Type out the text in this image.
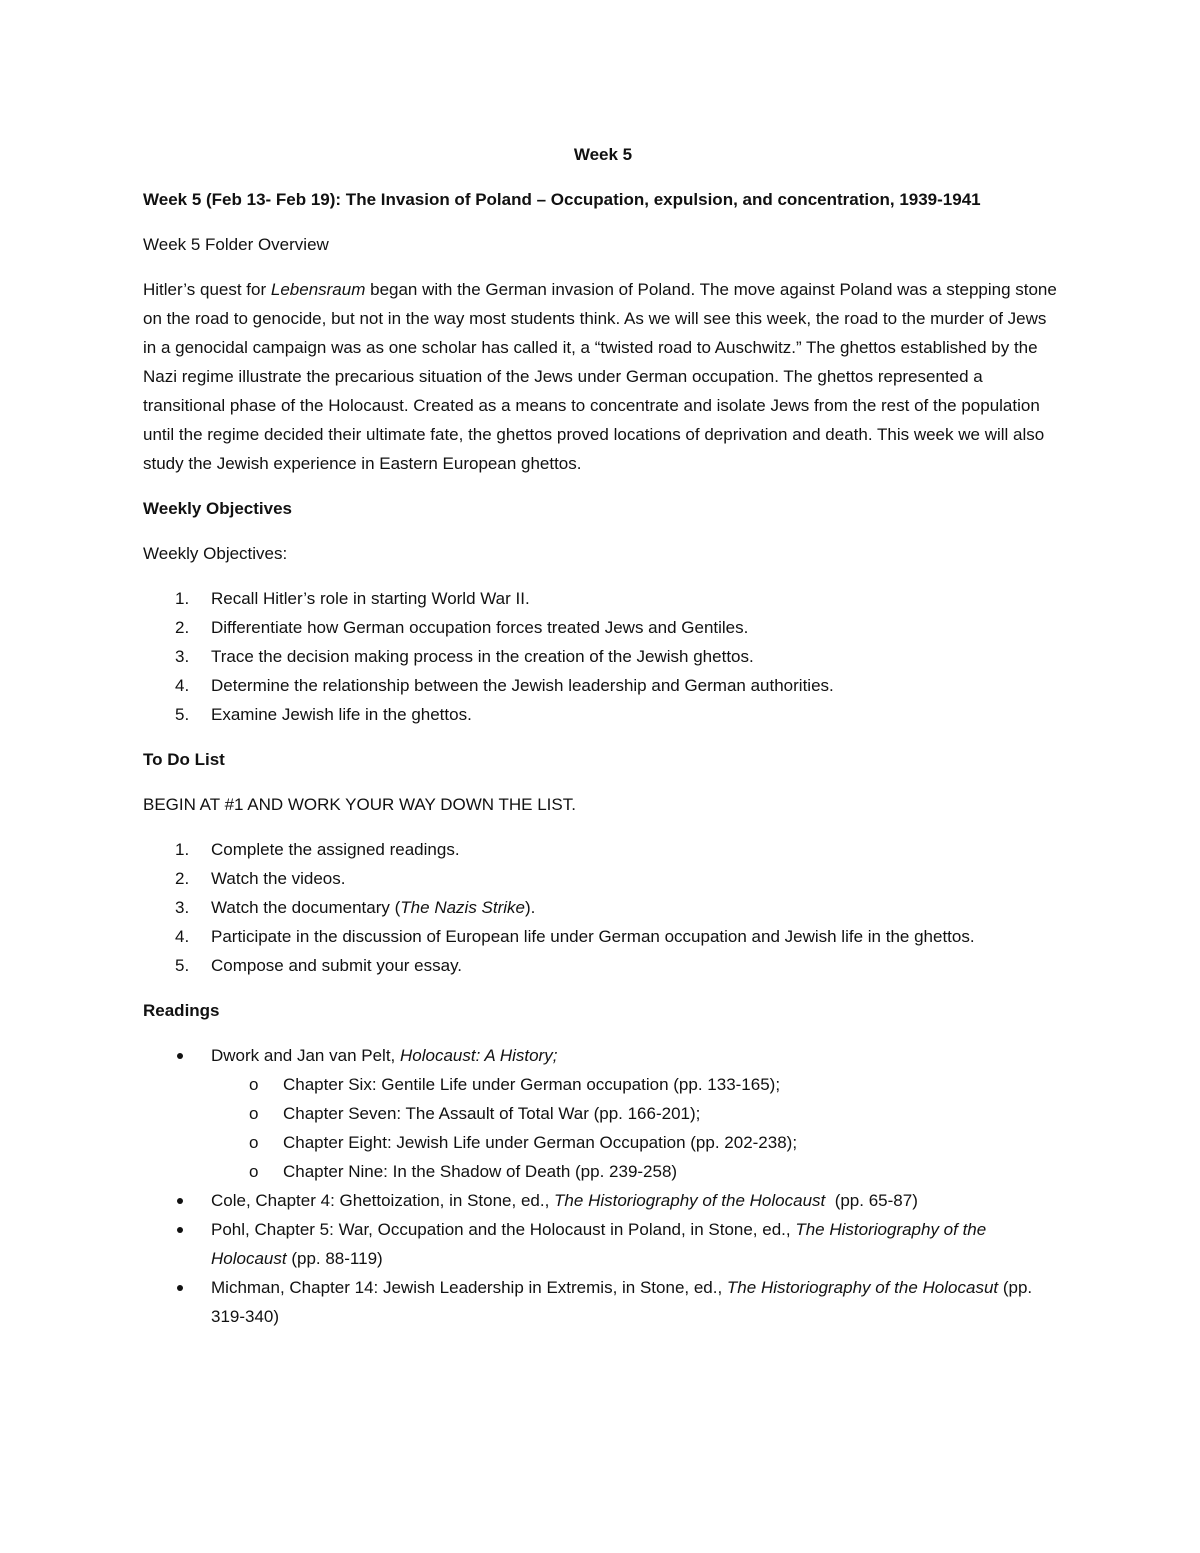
Week 5
Week 5 (Feb 13- Feb 19): The Invasion of Poland – Occupation, expulsion, and concentration, 1939-1941

Week 5 Folder Overview

Hitler’s quest for Lebensraum began with the German invasion of Poland. The move against Poland was a stepping stone on the road to genocide, but not in the way most students think. As we will see this week, the road to the murder of Jews in a genocidal campaign was as one scholar has called it, a “twisted road to Auschwitz.” The ghettos established by the Nazi regime illustrate the precarious situation of the Jews under German occupation. The ghettos represented a transitional phase of the Holocaust. Created as a means to concentrate and isolate Jews from the rest of the population until the regime decided their ultimate fate, the ghettos proved locations of deprivation and death. This week we will also study the Jewish experience in Eastern European ghettos.

Weekly Objectives

Weekly Objectives:

1. Recall Hitler’s role in starting World War II.
2. Differentiate how German occupation forces treated Jews and Gentiles.
3. Trace the decision making process in the creation of the Jewish ghettos.
4. Determine the relationship between the Jewish leadership and German authorities.
5. Examine Jewish life in the ghettos.
To Do List

BEGIN AT #1 AND WORK YOUR WAY DOWN THE LIST.

1. Complete the assigned readings.
2. Watch the videos.
3. Watch the documentary (The Nazis Strike).
4. Participate in the discussion of European life under German occupation and Jewish life in the ghettos.
5. Compose and submit your essay.
Readings
Dwork and Jan van Pelt, Holocaust: A History;
o Chapter Six: Gentile Life under German occupation (pp. 133-165);
o Chapter Seven: The Assault of Total War (pp. 166-201);
o Chapter Eight: Jewish Life under German Occupation (pp. 202-238);
o Chapter Nine: In the Shadow of Death (pp. 239-258)
Cole, Chapter 4: Ghettoization, in Stone, ed., The Historiography of the Holocaust  (pp. 65-87)
Pohl, Chapter 5: War, Occupation and the Holocaust in Poland, in Stone, ed., The Historiography of the Holocaust (pp. 88-119)
Michman, Chapter 14: Jewish Leadership in Extremis, in Stone, ed., The Historiography of the Holocasut (pp. 319-340)
